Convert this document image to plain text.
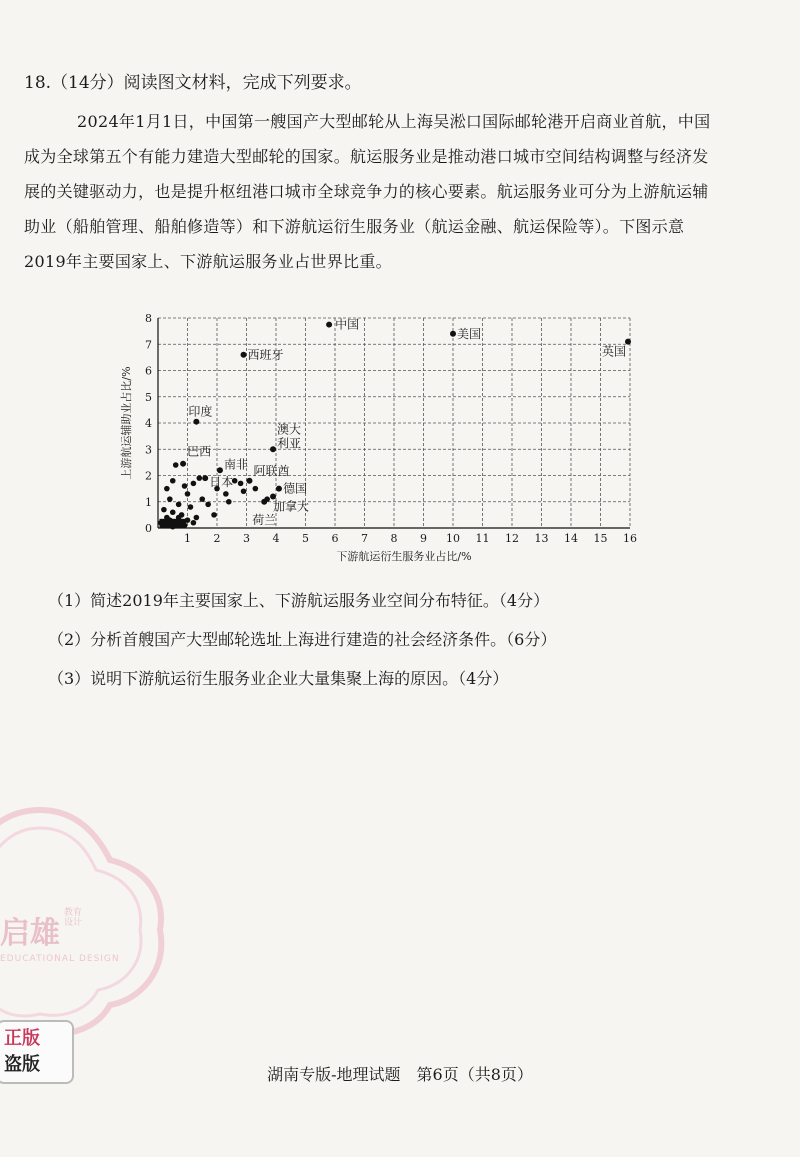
18.（14分）阅读图文材料，完成下列要求。

2024年1月1日，中国第一艘国产大型邮轮从上海吴淞口国际邮轮港开启商业首航，中国成为全球第五个有能力建造大型邮轮的国家。航运服务业是推动港口城市空间结构调整与经济发展的关键驱动力，也是提升枢纽港口城市全球竞争力的核心要素。航运服务业可分为上游航运辅助业（船舶管理、船舶修造等）和下游航运衍生服务业（航运金融、航运保险等）。下图示意2019年主要国家上、下游航运服务业占世界比重。

1 2 3 4 5 6 7 8 9 10 11 12 13 14 15 16
0
1
2
3
4
5
6
7
8
下游航运衍生服务业占比/%
上游航运辅助业占比/%
中国
美国
英国
西班牙
印度
澳大
利亚
巴西
南非
日本
阿联酋
德国
加拿大
荷兰
（1）简述2019年主要国家上、下游航运服务业空间分布特征。（4分）
（2）分析首艘国产大型邮轮选址上海进行建造的社会经济条件。（6分）
（3）说明下游航运衍生服务业企业大量集聚上海的原因。（4分）
启雄教育
设计
EDUCATIONAL DESIGN
正版
盗版	湖南专版-地理试题　第6页（共8页）
